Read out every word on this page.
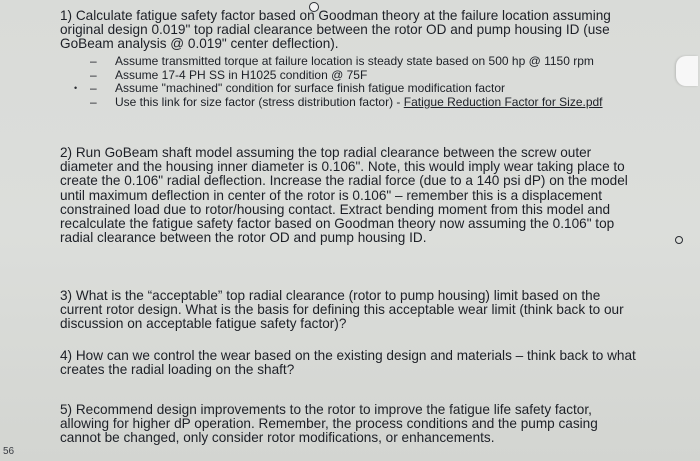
1) Calculate fatigue safety factor based on Goodman theory at the failure location assuming original design 0.019" top radial clearance between the rotor OD and pump housing ID (use GoBeam analysis @ 0.019" center deflection).

– Assume transmitted torque at failure location is steady state based on 500 hp @ 1150 rpm
– Assume 17-4 PH SS in H1025 condition @ 75F
– Assume "machined" condition for surface finish fatigue modification factor
– Use this link for size factor (stress distribution factor) - Fatigue Reduction Factor for Size.pdf
•

2) Run GoBeam shaft model assuming the top radial clearance between the screw outer diameter and the housing inner diameter is 0.106". Note, this would imply wear taking place to create the 0.106" radial deflection. Increase the radial force (due to a 140 psi dP) on the model until maximum deflection in center of the rotor is 0.106" – remember this is a displacement constrained load due to rotor/housing contact. Extract bending moment from this model and recalculate the fatigue safety factor based on Goodman theory now assuming the 0.106" top radial clearance between the rotor OD and pump housing ID.

3) What is the “acceptable” top radial clearance (rotor to pump housing) limit based on the current rotor design. What is the basis for defining this acceptable wear limit (think back to our discussion on acceptable fatigue safety factor)?

4) How can we control the wear based on the existing design and materials – think back to what creates the radial loading on the shaft?

5) Recommend design improvements to the rotor to improve the fatigue life safety factor, allowing for higher dP operation. Remember, the process conditions and the pump casing cannot be changed, only consider rotor modifications, or enhancements.

56
